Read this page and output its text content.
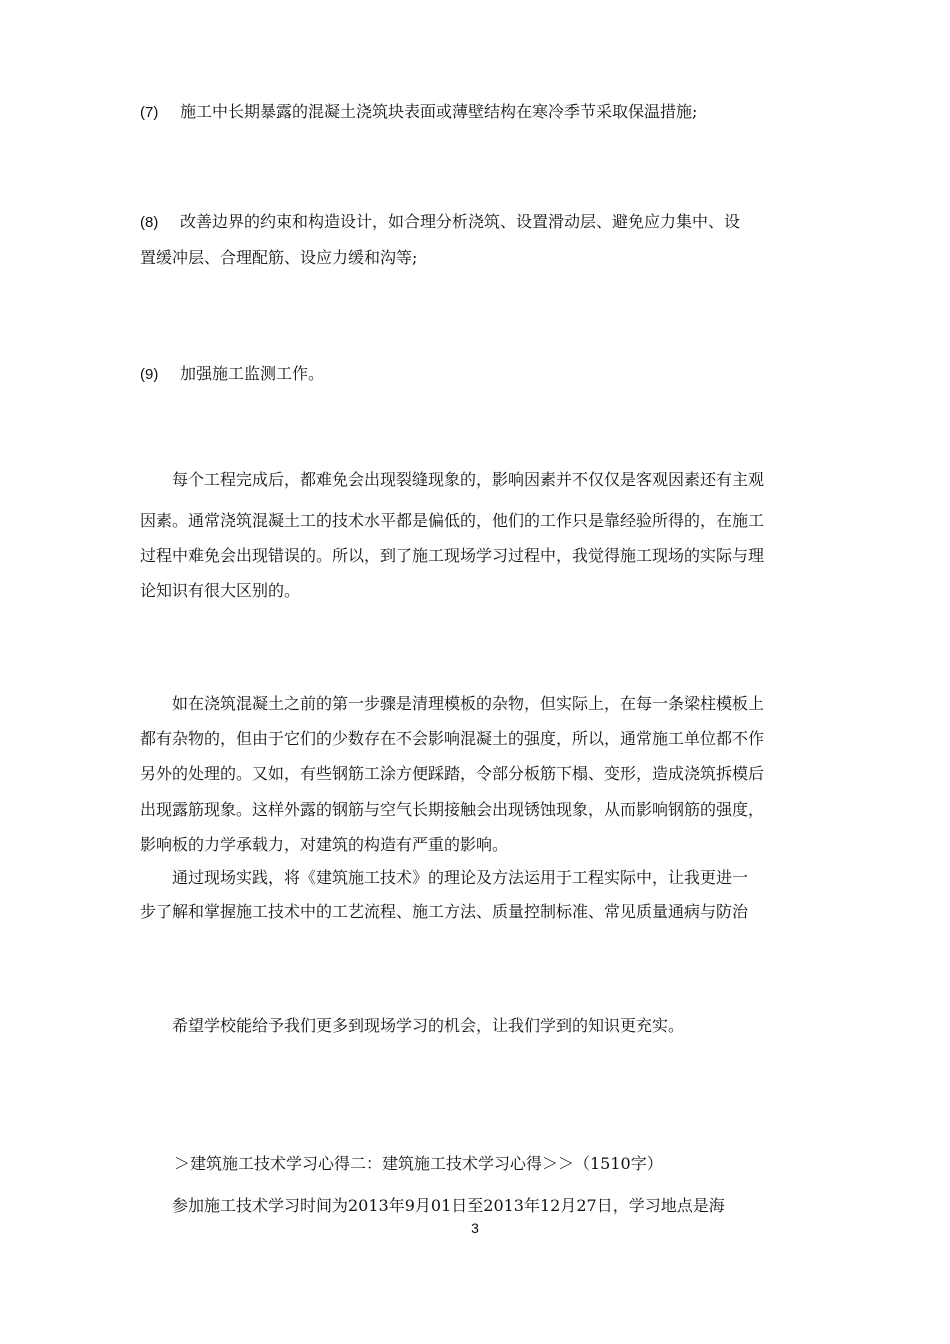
(7) 施工中长期暴露的混凝土浇筑块表面或薄壁结构在寒冷季节采取保温措施;
(8) 改善边界的约束和构造设计，如合理分析浇筑、设置滑动层、避免应力集中、设
置缓冲层、合理配筋、设应力缓和沟等;
(9) 加强施工监测工作。
每个工程完成后，都难免会出现裂缝现象的，影响因素并不仅仅是客观因素还有主观
因素。通常浇筑混凝土工的技术水平都是偏低的，他们的工作只是靠经验所得的，在施工
过程中难免会出现错误的。所以，到了施工现场学习过程中，我觉得施工现场的实际与理
论知识有很大区别的。
如在浇筑混凝土之前的第一步骤是清理模板的杂物，但实际上，在每一条梁柱模板上
都有杂物的，但由于它们的少数存在不会影响混凝土的强度，所以，通常施工单位都不作
另外的处理的。又如，有些钢筋工涂方便踩踏，令部分板筋下榻、变形，造成浇筑拆模后
出现露筋现象。这样外露的钢筋与空气长期接触会出现锈蚀现象，从而影响钢筋的强度，
影响板的力学承载力，对建筑的构造有严重的影响。
通过现场实践，将《建筑施工技术》的理论及方法运用于工程实际中，让我更进一
步了解和掌握施工技术中的工艺流程、施工方法、质量控制标准、常见质量通病与防治
希望学校能给予我们更多到现场学习的机会，让我们学到的知识更充实。
＞建筑施工技术学习心得二：建筑施工技术学习心得＞＞（1510字）
参加施工技术学习时间为2013年9月01日至2013年12月27日，学习地点是海
3
